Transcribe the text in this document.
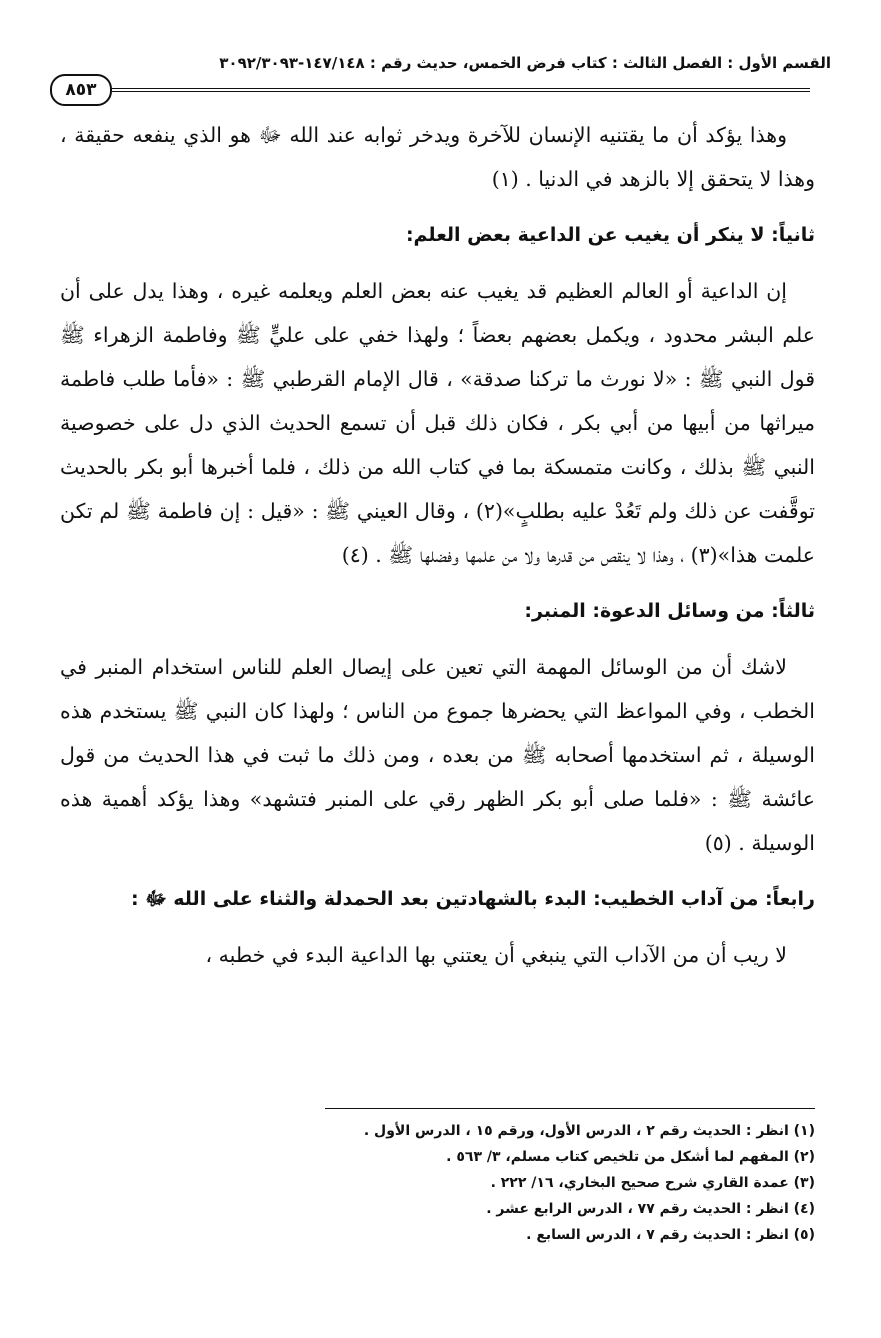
القسم الأول : الفصل الثالث : كتاب فرض الخمس، حديث رقم : ١٤٧/١٤٨-٣٠٩٢/٣٠٩٣
٨٥٣

وهذا يؤكد أن ما يقتنيه الإنسان للآخرة ويدخر ثوابه عند الله ﷻ هو الذي ينفعه حقيقة ، وهذا لا يتحقق إلا بالزهد في الدنيا . (١)

ثانياً: لا ينكر أن يغيب عن الداعية بعض العلم:

إن الداعية أو العالم العظيم قد يغيب عنه بعض العلم ويعلمه غيره ، وهذا يدل على أن علم البشر محدود ، ويكمل بعضهم بعضاً ؛ ولهذا خفي على عليٍّ ﷺ وفاطمة الزهراء ﷺ قول النبي ﷺ : «لا نورث ما تركنا صدقة» ، قال الإمام القرطبي ﷺ : «فأما طلب فاطمة ميراثها من أبيها من أبي بكر ، فكان ذلك قبل أن تسمع الحديث الذي دل على خصوصية النبي ﷺ بذلك ، وكانت متمسكة بما في كتاب الله من ذلك ، فلما أخبرها أبو بكر بالحديث توقَّفت عن ذلك ولم تَعُدْ عليه بطلبٍ»(٢) ، وقال العيني ﷺ : «قيل : إن فاطمة ﷺ لم تكن علمت هذا»(٣) ، وهذا لا ينقص من قدرها ولا من علمها وفضلها ﷺ . (٤)

ثالثاً: من وسائل الدعوة: المنبر:

لاشك أن من الوسائل المهمة التي تعين على إيصال العلم للناس استخدام المنبر في الخطب ، وفي المواعظ التي يحضرها جموع من الناس ؛ ولهذا كان النبي ﷺ يستخدم هذه الوسيلة ، ثم استخدمها أصحابه ﷺ من بعده ، ومن ذلك ما ثبت في هذا الحديث من قول عائشة ﷺ : «فلما صلى أبو بكر الظهر رقي على المنبر فتشهد» وهذا يؤكد أهمية هذه الوسيلة . (٥)

رابعاً: من آداب الخطيب: البدء بالشهادتين بعد الحمدلة والثناء على الله ﷻ :

لا ريب أن من الآداب التي ينبغي أن يعتني بها الداعية البدء في خطبه ،

(١) انظر : الحديث رقم ٢ ، الدرس الأول، ورقم ١٥ ، الدرس الأول .
(٢) المفهم لما أشكل من تلخيص كتاب مسلم، ٣/ ٥٦٣ .
(٣) عمدة القاري شرح صحيح البخاري، ١٦/ ٢٢٢ .
(٤) انظر : الحديث رقم ٧٧ ، الدرس الرابع عشر .
(٥) انظر : الحديث رقم ٧ ، الدرس السابع .
